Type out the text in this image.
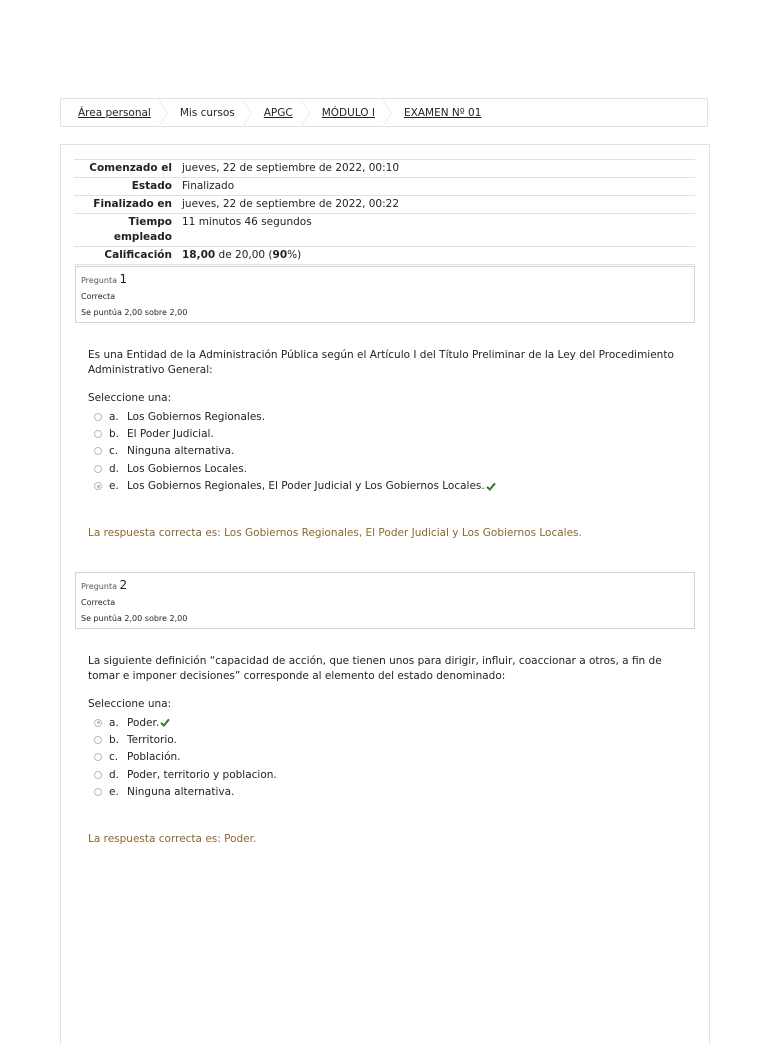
Área personal	Mis cursos	APGC	MÓDULO I	EXAMEN Nº 01
Comenzado el	jueves, 22 de septiembre de 2022, 00:10
Estado	Finalizado
Finalizado en	jueves, 22 de septiembre de 2022, 00:22
Tiempo
empleado	11 minutos 46 segundos
Calificación	18,00 de 20,00 (90%)
Pregunta 1
Correcta
Se puntúa 2,00 sobre 2,00
Es una Entidad de la Administración Pública según el Artículo I del Título Preliminar de la Ley del Procedimiento Administrativo General:
Seleccione una:
a. Los Gobiernos Regionales.
b. El Poder Judicial.
c. Ninguna alternativa.
d. Los Gobiernos Locales.
e. Los Gobiernos Regionales, El Poder Judicial y Los Gobiernos Locales.
La respuesta correcta es: Los Gobiernos Regionales, El Poder Judicial y Los Gobiernos Locales.
Pregunta 2
Correcta
Se puntúa 2,00 sobre 2,00
La siguiente definición “capacidad de acción, que tienen unos para dirigir, influir, coaccionar a otros, a fin de tomar e imponer decisiones” corresponde al elemento del estado denominado:
Seleccione una:
a. Poder.
b. Territorio.
c. Población.
d. Poder, territorio y poblacion.
e. Ninguna alternativa.
La respuesta correcta es: Poder.
